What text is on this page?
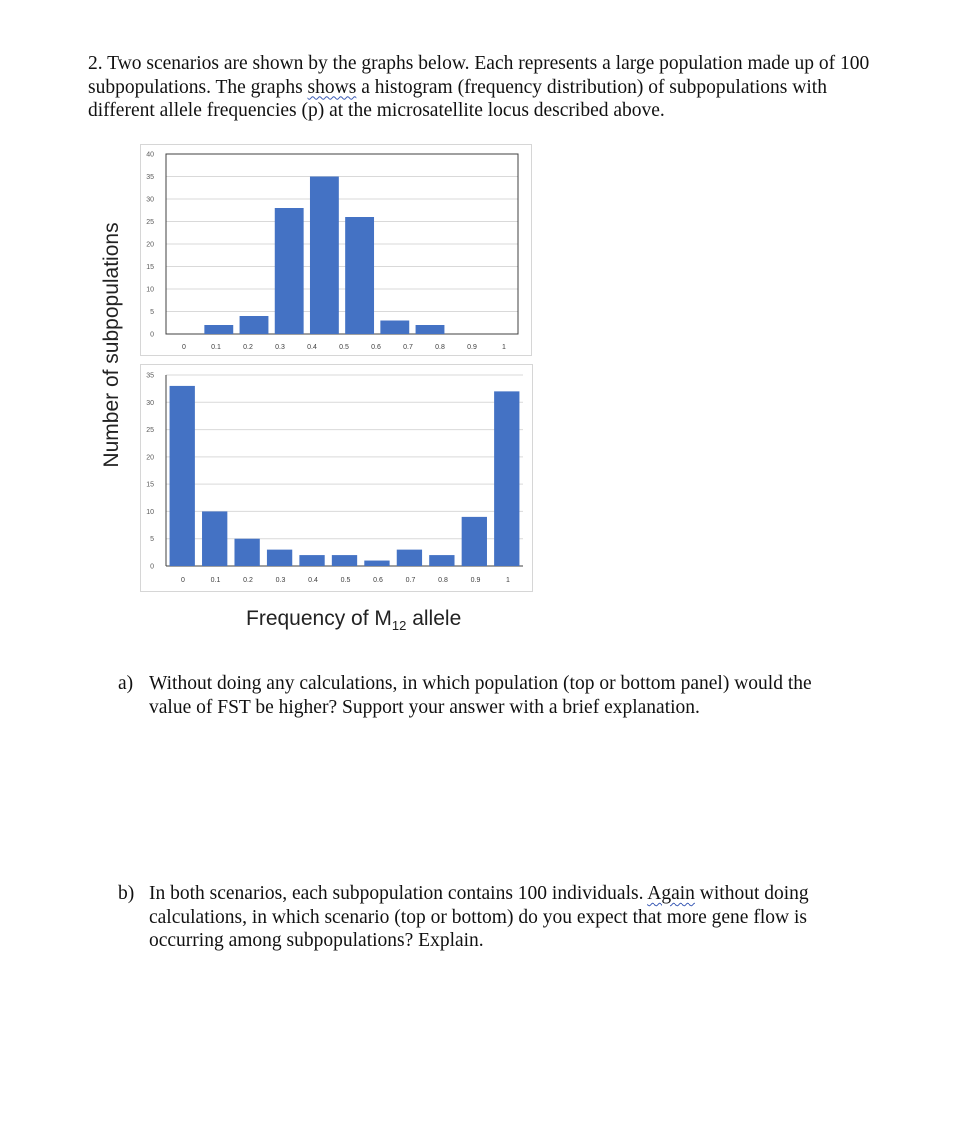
2. Two scenarios are shown by the graphs below. Each represents a large population made up of 100 subpopulations. The graphs shows a histogram (frequency distribution) of subpopulations with different allele frequencies (p) at the microsatellite locus described above.

Number of subpopulations	0
5
10
15
20
25
30
35
40
0	0.1	0.2	0.3	0.4	0.5	0.6	0.7	0.8	0.9	1
0
5
10
15
20
25
30
35
0	0.1	0.2	0.3	0.4	0.5	0.6	0.7	0.8	0.9	1
Frequency of $M_{12}$ allele
a) Without doing any calculations, in which population (top or bottom panel) would the value of FST be higher? Support your answer with a brief explanation.
b) In both scenarios, each subpopulation contains 100 individuals. Again without doing calculations, in which scenario (top or bottom) do you expect that more gene flow is occurring among subpopulations? Explain.
